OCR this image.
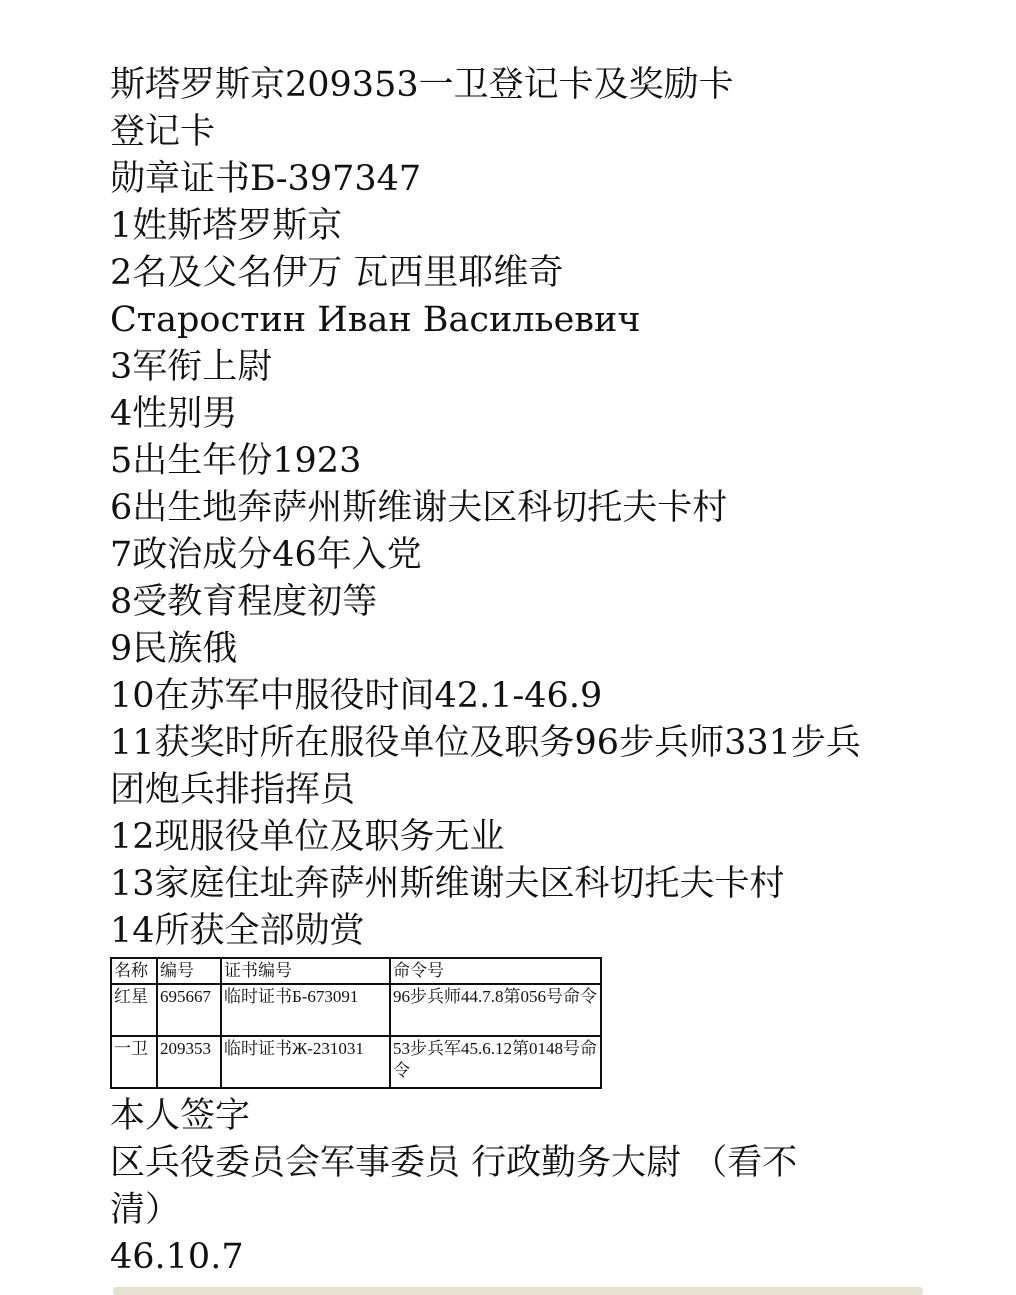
斯塔罗斯京209353一卫登记卡及奖励卡
登记卡
勋章证书Б-397347
1姓斯塔罗斯京
2名及父名伊万 瓦西里耶维奇
Старостин Иван Васильевич
3军衔上尉
4性别男
5出生年份1923
6出生地奔萨州斯维谢夫区科切托夫卡村
7政治成分46年入党
8受教育程度初等
9民族俄
10在苏军中服役时间42.1-46.9
11获奖时所在服役单位及职务96步兵师331步兵
团炮兵排指挥员
12现服役单位及职务无业
13家庭住址奔萨州斯维谢夫区科切托夫卡村
14所获全部勋赏
名称	编号	证书编号	命令号
红星	695667	临时证书Б-673091	96步兵师44.7.8第056号命令
一卫	209353	临时证书Ж-231031	53步兵军45.6.12第0148号命令
本人签字
区兵役委员会军事委员 行政勤务大尉 （看不
清）
46.10.7
